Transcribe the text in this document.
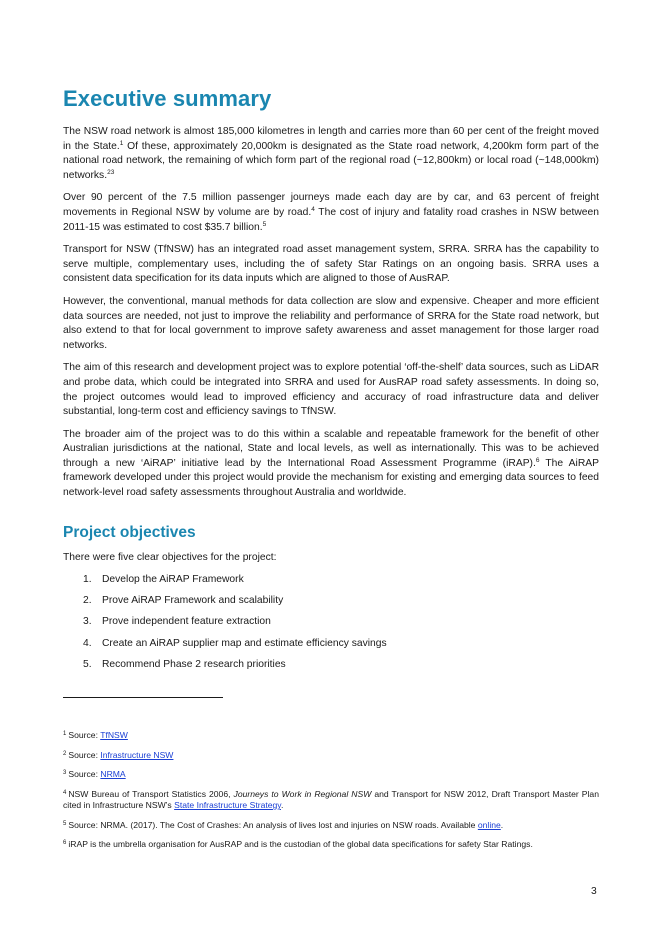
Executive summary

The NSW road network is almost 185,000 kilometres in length and carries more than 60 per cent of the freight moved in the State.$^1$ Of these, approximately 20,000km is designated as the State road network, 4,200km form part of the national road network, the remaining of which form part of the regional road (~12,800km) or local road (~148,000km) networks.$^{23}$

Over 90 percent of the 7.5 million passenger journeys made each day are by car, and 63 percent of freight movements in Regional NSW by volume are by road.$^4$ The cost of injury and fatality road crashes in NSW between 2011-15 was estimated to cost $35.7 billion.$^5$

Transport for NSW (TfNSW) has an integrated road asset management system, SRRA. SRRA has the capability to serve multiple, complementary uses, including the of safety Star Ratings on an ongoing basis. SRRA uses a consistent data specification for its data inputs which are aligned to those of AusRAP.

However, the conventional, manual methods for data collection are slow and expensive. Cheaper and more efficient data sources are needed, not just to improve the reliability and performance of SRRA for the State road network, but also extend to that for local government to improve safety awareness and asset management for those larger road networks.

The aim of this research and development project was to explore potential ‘off-the-shelf’ data sources, such as LiDAR and probe data, which could be integrated into SRRA and used for AusRAP road safety assessments. In doing so, the project outcomes would lead to improved efficiency and accuracy of road infrastructure data and deliver substantial, long-term cost and efficiency savings to TfNSW.

The broader aim of the project was to do this within a scalable and repeatable framework for the benefit of other Australian jurisdictions at the national, State and local levels, as well as internationally. This was to be achieved through a new ‘AiRAP’ initiative lead by the International Road Assessment Programme (iRAP).$^6$ The AiRAP framework developed under this project would provide the mechanism for existing and emerging data sources to feed network-level road safety assessments throughout Australia and worldwide.

Project objectives

There were five clear objectives for the project:

1.	Develop the AiRAP Framework
2.	Prove AiRAP Framework and scalability
3.	Prove independent feature extraction
4.	Create an AiRAP supplier map and estimate efficiency savings
5.	Recommend Phase 2 research priorities

$^1$ Source: TfNSW

$^2$ Source: Infrastructure NSW

$^3$ Source: NRMA

$^4$ NSW Bureau of Transport Statistics 2006, Journeys to Work in Regional NSW and Transport for NSW 2012, Draft Transport Master Plan cited in Infrastructure NSW’s State Infrastructure Strategy.

$^5$ Source: NRMA. (2017). The Cost of Crashes: An analysis of lives lost and injuries on NSW roads. Available online.

$^6$ iRAP is the umbrella organisation for AusRAP and is the custodian of the global data specifications for safety Star Ratings.

3
